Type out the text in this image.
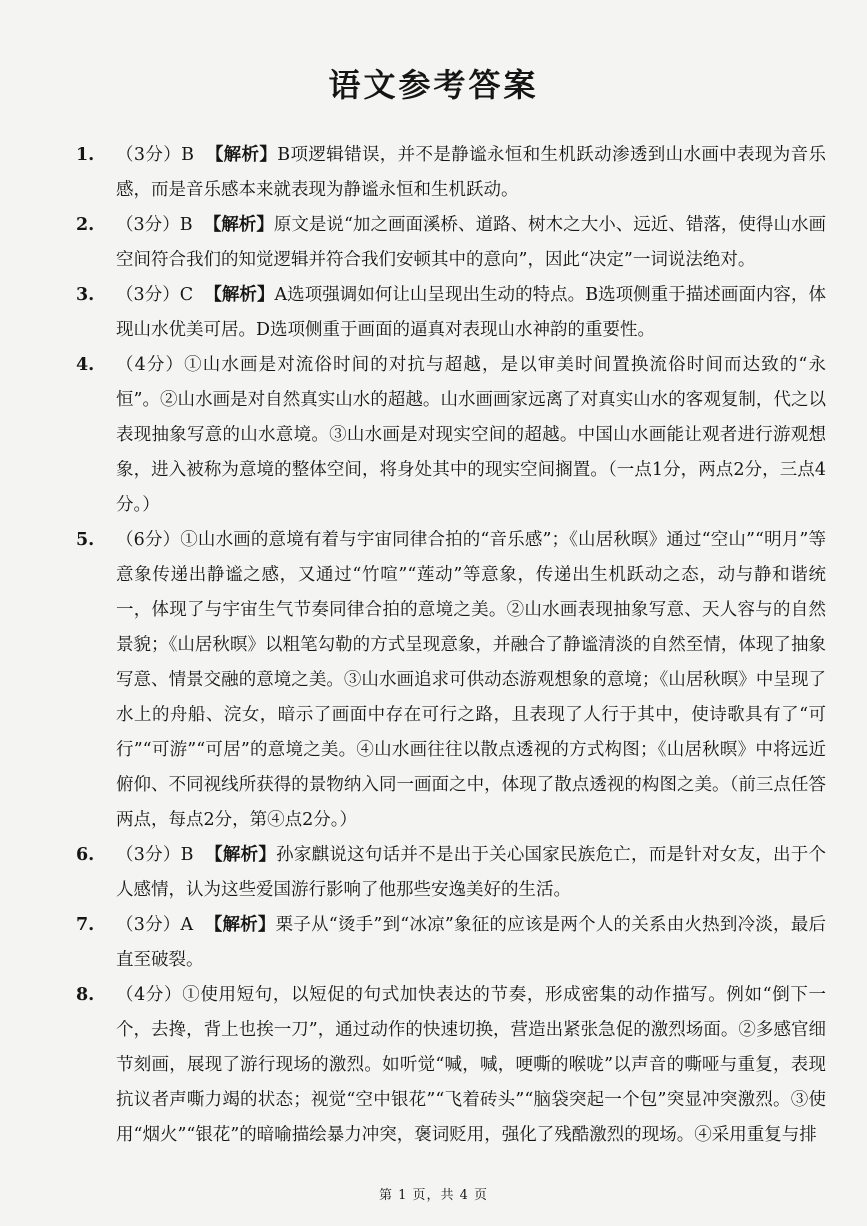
语文参考答案
1.	（3分）B 【解析】B项逻辑错误，并不是静谧永恒和生机跃动渗透到山水画中表现为音乐感，而是音乐感本来就表现为静谧永恒和生机跃动。
2.	（3分）B 【解析】原文是说“加之画面溪桥、道路、树木之大小、远近、错落，使得山水画空间符合我们的知觉逻辑并符合我们安顿其中的意向”，因此“决定”一词说法绝对。
3.	（3分）C 【解析】A选项强调如何让山呈现出生动的特点。B选项侧重于描述画面内容，体现山水优美可居。D选项侧重于画面的逼真对表现山水神韵的重要性。
4.	（4分）①山水画是对流俗时间的对抗与超越，是以审美时间置换流俗时间而达致的“永恒”。②山水画是对自然真实山水的超越。山水画画家远离了对真实山水的客观复制，代之以表现抽象写意的山水意境。③山水画是对现实空间的超越。中国山水画能让观者进行游观想象，进入被称为意境的整体空间，将身处其中的现实空间搁置。（一点1分，两点2分，三点4分。）
5.	（6分）①山水画的意境有着与宇宙同律合拍的“音乐感”；《山居秋暝》通过“空山”“明月”等意象传递出静谧之感，又通过“竹喧”“莲动”等意象，传递出生机跃动之态，动与静和谐统一，体现了与宇宙生气节奏同律合拍的意境之美。②山水画表现抽象写意、天人容与的自然景貌；《山居秋暝》以粗笔勾勒的方式呈现意象，并融合了静谧清淡的自然至情，体现了抽象写意、情景交融的意境之美。③山水画追求可供动态游观想象的意境；《山居秋暝》中呈现了水上的舟船、浣女，暗示了画面中存在可行之路，且表现了人行于其中，使诗歌具有了“可行”“可游”“可居”的意境之美。④山水画往往以散点透视的方式构图；《山居秋暝》中将远近俯仰、不同视线所获得的景物纳入同一画面之中，体现了散点透视的构图之美。（前三点任答两点，每点2分，第④点2分。）
6.	（3分）B 【解析】孙家麒说这句话并不是出于关心国家民族危亡，而是针对女友，出于个人感情，认为这些爱国游行影响了他那些安逸美好的生活。
7.	（3分）A 【解析】栗子从“烫手”到“冰凉”象征的应该是两个人的关系由火热到冷淡，最后直至破裂。
8.	（4分）①使用短句，以短促的句式加快表达的节奏，形成密集的动作描写。例如“倒下一个，去搀，背上也挨一刀”，通过动作的快速切换，营造出紧张急促的激烈场面。②多感官细节刻画，展现了游行现场的激烈。如听觉“喊，喊，哽嘶的喉咙”以声音的嘶哑与重复，表现抗议者声嘶力竭的状态；视觉“空中银花”“飞着砖头”“脑袋突起一个包”突显冲突激烈。③使用“烟火”“银花”的暗喻描绘暴力冲突，褒词贬用，强化了残酷激烈的现场。④采用重复与排
第 1 页，共 4 页
